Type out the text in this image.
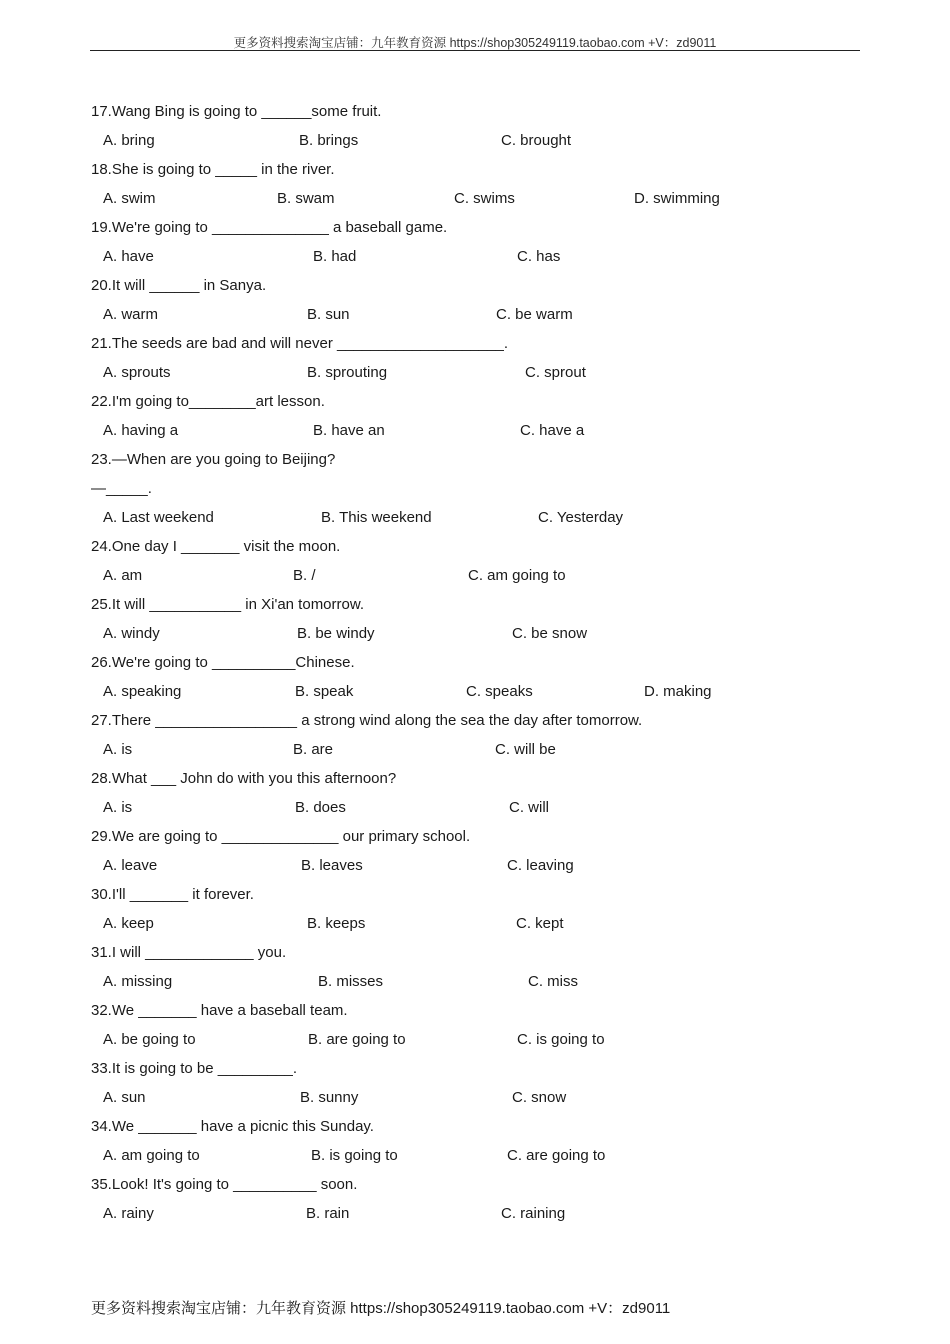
更多资料搜索淘宝店铺：九年教育资源 https://shop305249119.taobao.com +V：zd9011
17.Wang Bing is going to ______some fruit.
A. bring	B. brings	C. brought
18.She is going to _____ in the river.
A. swim	B. swam	C. swims	D. swimming
19.We're going to ______________ a baseball game.
A. have	B. had	C. has
20.It will ______ in Sanya.
A. warm	B. sun	C. be warm
21.The seeds are bad and will never ____________________.
A. sprouts	B. sprouting	C. sprout
22.I'm going to________art lesson.
A. having a	B. have an	C. have a
23.—When are you going to Beijing?
—_____.
A. Last weekend	B. This weekend	C. Yesterday
24.One day I _______ visit the moon.
A. am	B. /	C. am going to
25.It will ___________ in Xi'an tomorrow.
A. windy	B. be windy	C. be snow
26.We're going to __________Chinese.
A. speaking	B. speak	C. speaks	D. making
27.There _________________ a strong wind along the sea the day after tomorrow.
A. is	B. are	C. will be
28.What ___ John do with you this afternoon?
A. is	B. does	C. will
29.We are going to ______________ our primary school.
A. leave	B. leaves	C. leaving
30.I'll _______ it forever.
A. keep	B. keeps	C. kept
31.I will _____________ you.
A. missing	B. misses	C. miss
32.We _______ have a baseball team.
A. be going to	B. are going to	C. is going to
33.It is going to be _________.
A. sun	B. sunny	C. snow
34.We _______ have a picnic this Sunday.
A. am going to	B. is going to	C. are going to
35.Look! It's going to __________ soon.
A. rainy	B. rain	C. raining
更多资料搜索淘宝店铺：九年教育资源 https://shop305249119.taobao.com +V：zd9011
